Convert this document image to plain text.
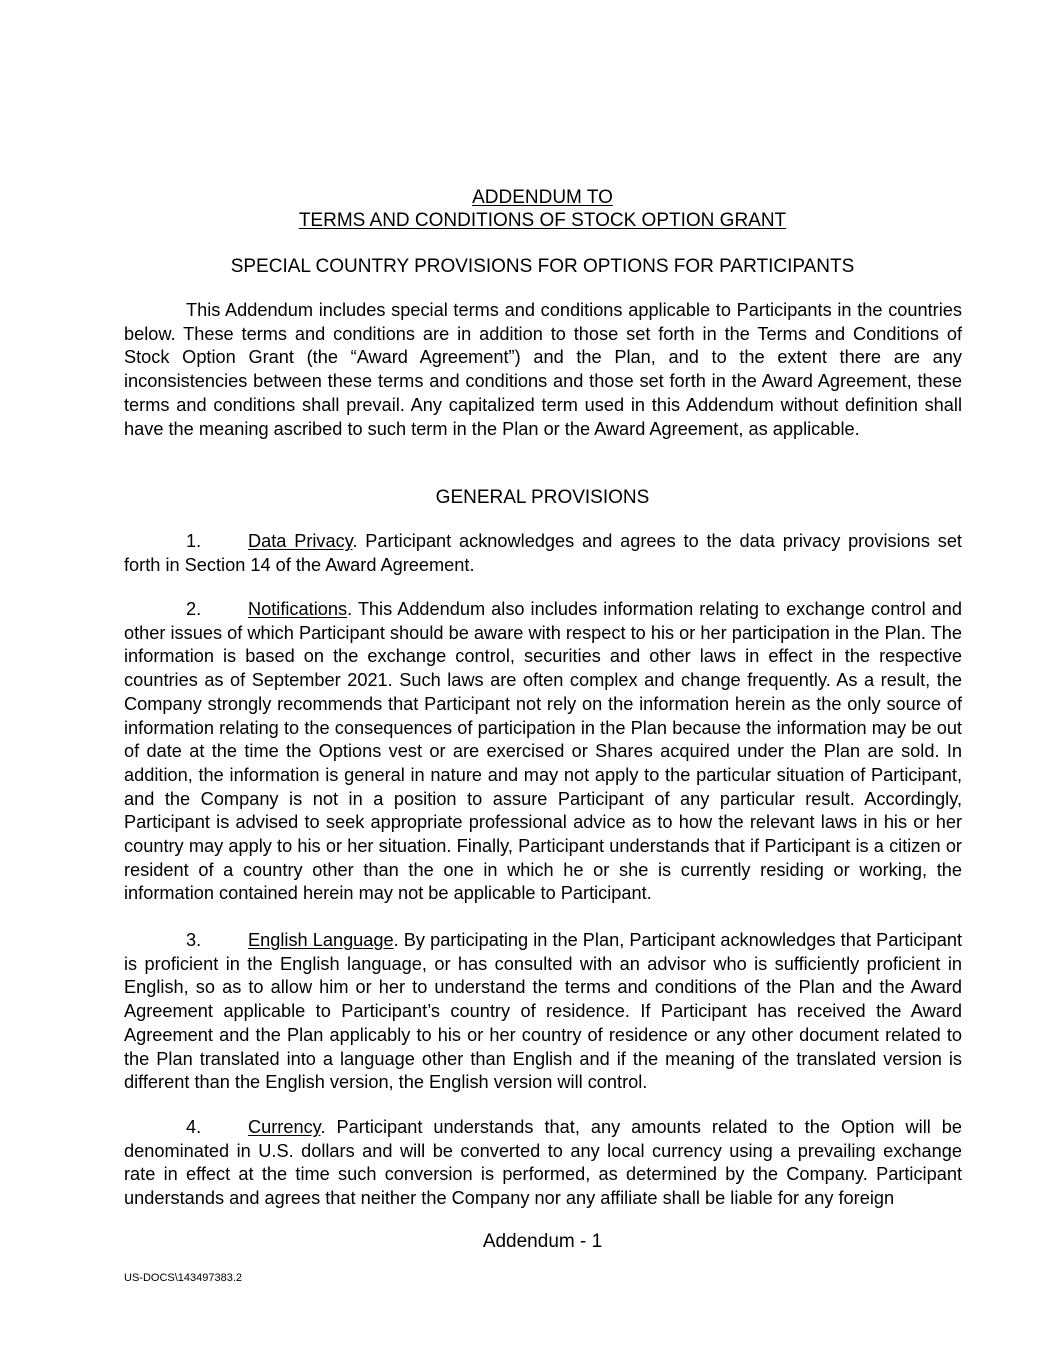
ADDENDUM TO
TERMS AND CONDITIONS OF STOCK OPTION GRANT
SPECIAL COUNTRY PROVISIONS FOR OPTIONS FOR PARTICIPANTS

This Addendum includes special terms and conditions applicable to Participants in the countries below. These terms and conditions are in addition to those set forth in the Terms and Conditions of Stock Option Grant (the “Award Agreement”) and the Plan, and to the extent there are any inconsistencies between these terms and conditions and those set forth in the Award Agreement, these terms and conditions shall prevail. Any capitalized term used in this Addendum without definition shall have the meaning ascribed to such term in the Plan or the Award Agreement, as applicable.

GENERAL PROVISIONS

1.	Data Privacy. Participant acknowledges and agrees to the data privacy provisions set forth in Section 14 of the Award Agreement.

2.	Notifications. This Addendum also includes information relating to exchange control and other issues of which Participant should be aware with respect to his or her participation in the Plan. The information is based on the exchange control, securities and other laws in effect in the respective countries as of September 2021. Such laws are often complex and change frequently. As a result, the Company strongly recommends that Participant not rely on the information herein as the only source of information relating to the consequences of participation in the Plan because the information may be out of date at the time the Options vest or are exercised or Shares acquired under the Plan are sold. In addition, the information is general in nature and may not apply to the particular situation of Participant, and the Company is not in a position to assure Participant of any particular result. Accordingly, Participant is advised to seek appropriate professional advice as to how the relevant laws in his or her country may apply to his or her situation. Finally, Participant understands that if Participant is a citizen or resident of a country other than the one in which he or she is currently residing or working, the information contained herein may not be applicable to Participant.

3.	English Language. By participating in the Plan, Participant acknowledges that Participant is proficient in the English language, or has consulted with an advisor who is sufficiently proficient in English, so as to allow him or her to understand the terms and conditions of the Plan and the Award Agreement applicable to Participant’s country of residence. If Participant has received the Award Agreement and the Plan applicably to his or her country of residence or any other document related to the Plan translated into a language other than English and if the meaning of the translated version is different than the English version, the English version will control.

4.	Currency. Participant understands that, any amounts related to the Option will be denominated in U.S. dollars and will be converted to any local currency using a prevailing exchange rate in effect at the time such conversion is performed, as determined by the Company. Participant understands and agrees that neither the Company nor any affiliate shall be liable for any foreign

Addendum - 1
US-DOCS\143497383.2
